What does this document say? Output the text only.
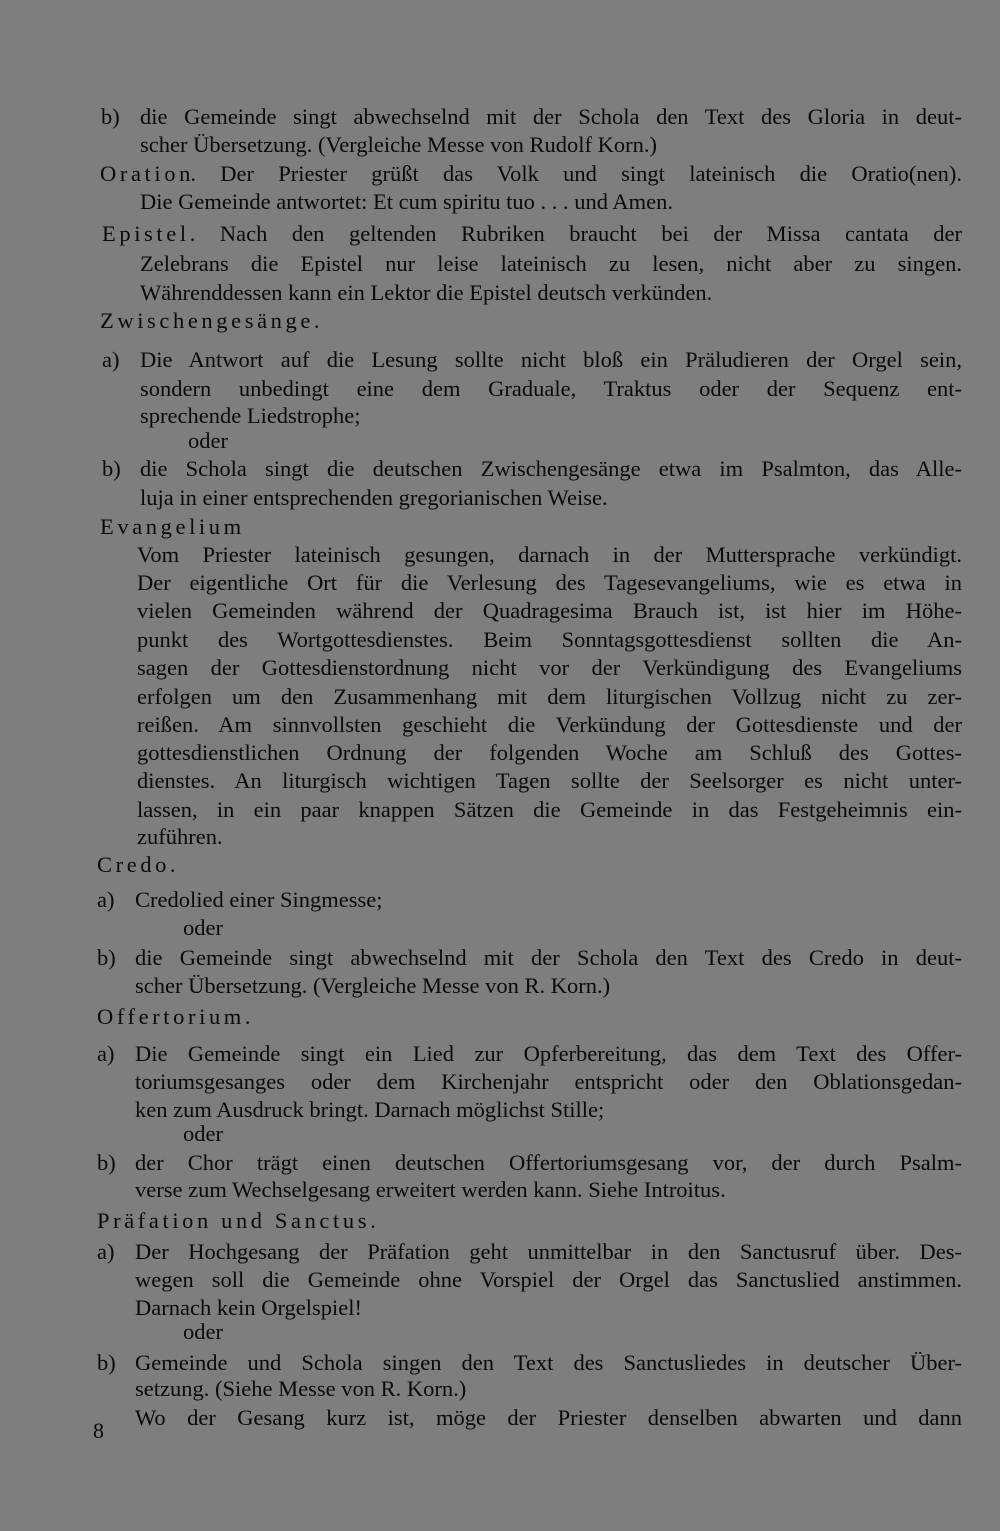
die Gemeinde singt abwechselnd mit der Schola den Text des Gloria in deut-
b)
scher Übersetzung. (Vergleiche Messe von Rudolf Korn.)
Oration. Der Priester grüßt das Volk und singt lateinisch die Oratio(nen).
Die Gemeinde antwortet: Et cum spiritu tuo . . . und Amen.
Epistel. Nach den geltenden Rubriken braucht bei der Missa cantata der
Zelebrans die Epistel nur leise lateinisch zu lesen, nicht aber zu singen.
Währenddessen kann ein Lektor die Epistel deutsch verkünden.
Zwischengesänge.
Die Antwort auf die Lesung sollte nicht bloß ein Präludieren der Orgel sein,
a)
sondern unbedingt eine dem Graduale, Traktus oder der Sequenz ent-
sprechende Liedstrophe;
oder
die Schola singt die deutschen Zwischengesänge etwa im Psalmton, das Alle-
b)
luja in einer entsprechenden gregorianischen Weise.
Evangelium
Vom Priester lateinisch gesungen, darnach in der Muttersprache verkündigt.
Der eigentliche Ort für die Verlesung des Tagesevangeliums, wie es etwa in
vielen Gemeinden während der Quadragesima Brauch ist, ist hier im Höhe-
punkt des Wortgottesdienstes. Beim Sonntagsgottesdienst sollten die An-
sagen der Gottesdienstordnung nicht vor der Verkündigung des Evangeliums
erfolgen um den Zusammenhang mit dem liturgischen Vollzug nicht zu zer-
reißen. Am sinnvollsten geschieht die Verkündung der Gottesdienste und der
gottesdienstlichen Ordnung der folgenden Woche am Schluß des Gottes-
dienstes. An liturgisch wichtigen Tagen sollte der Seelsorger es nicht unter-
lassen, in ein paar knappen Sätzen die Gemeinde in das Festgeheimnis ein-
zuführen.
Credo.
Credolied einer Singmesse;
a)
oder
die Gemeinde singt abwechselnd mit der Schola den Text des Credo in deut-
b)
scher Übersetzung. (Vergleiche Messe von R. Korn.)
Offertorium.
Die Gemeinde singt ein Lied zur Opferbereitung, das dem Text des Offer-
a)
toriumsgesanges oder dem Kirchenjahr entspricht oder den Oblationsgedan-
ken zum Ausdruck bringt. Darnach möglichst Stille;
oder
der Chor trägt einen deutschen Offertoriumsgesang vor, der durch Psalm-
b)
verse zum Wechselgesang erweitert werden kann. Siehe Introitus.
Präfation und Sanctus.
Der Hochgesang der Präfation geht unmittelbar in den Sanctusruf über. Des-
a)
wegen soll die Gemeinde ohne Vorspiel der Orgel das Sanctuslied anstimmen.
Darnach kein Orgelspiel!
oder
Gemeinde und Schola singen den Text des Sanctusliedes in deutscher Über-
b)
setzung. (Siehe Messe von R. Korn.)
Wo der Gesang kurz ist, möge der Priester denselben abwarten und dann
8
